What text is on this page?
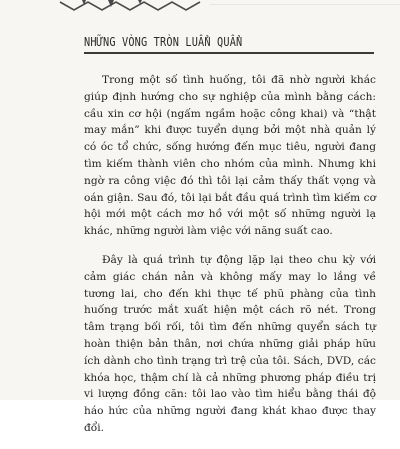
NHỮNG VÒNG TRÒN LUẨN QUẨN

Trong một số tình huống, tôi đã nhờ người khác giúp định hướng cho sự nghiệp của mình bằng cách: cầu xin cơ hội (ngấm ngầm hoặc công khai) và “thật may mắn” khi được tuyển dụng bởi một nhà quản lý có óc tổ chức, sống hướng đến mục tiêu, người đang tìm kiếm thành viên cho nhóm của mình. Nhưng khi ngờ ra công việc đó thì tôi lại cảm thấy thất vọng và oán giận. Sau đó, tôi lại bắt đầu quá trình tìm kiếm cơ hội mới một cách mơ hồ với một số những người lạ khác, những người làm việc với năng suất cao.

Đây là quá trình tự động lặp lại theo chu kỳ với cảm giác chán nản và không mấy may lo lắng về tương lai, cho đến khi thực tế phũ phàng của tình huống trước mắt xuất hiện một cách rõ nét. Trong tâm trạng bối rối, tôi tìm đến những quyển sách tự hoàn thiện bản thân, nơi chứa những giải pháp hữu ích dành cho tình trạng trì trệ của tôi. Sách, DVD, các khóa học, thậm chí là cả những phương pháp điều trị vi lượng đồng căn: tôi lao vào tìm hiểu bằng thái độ háo hức của những người đang khát khao được thay đổi.
